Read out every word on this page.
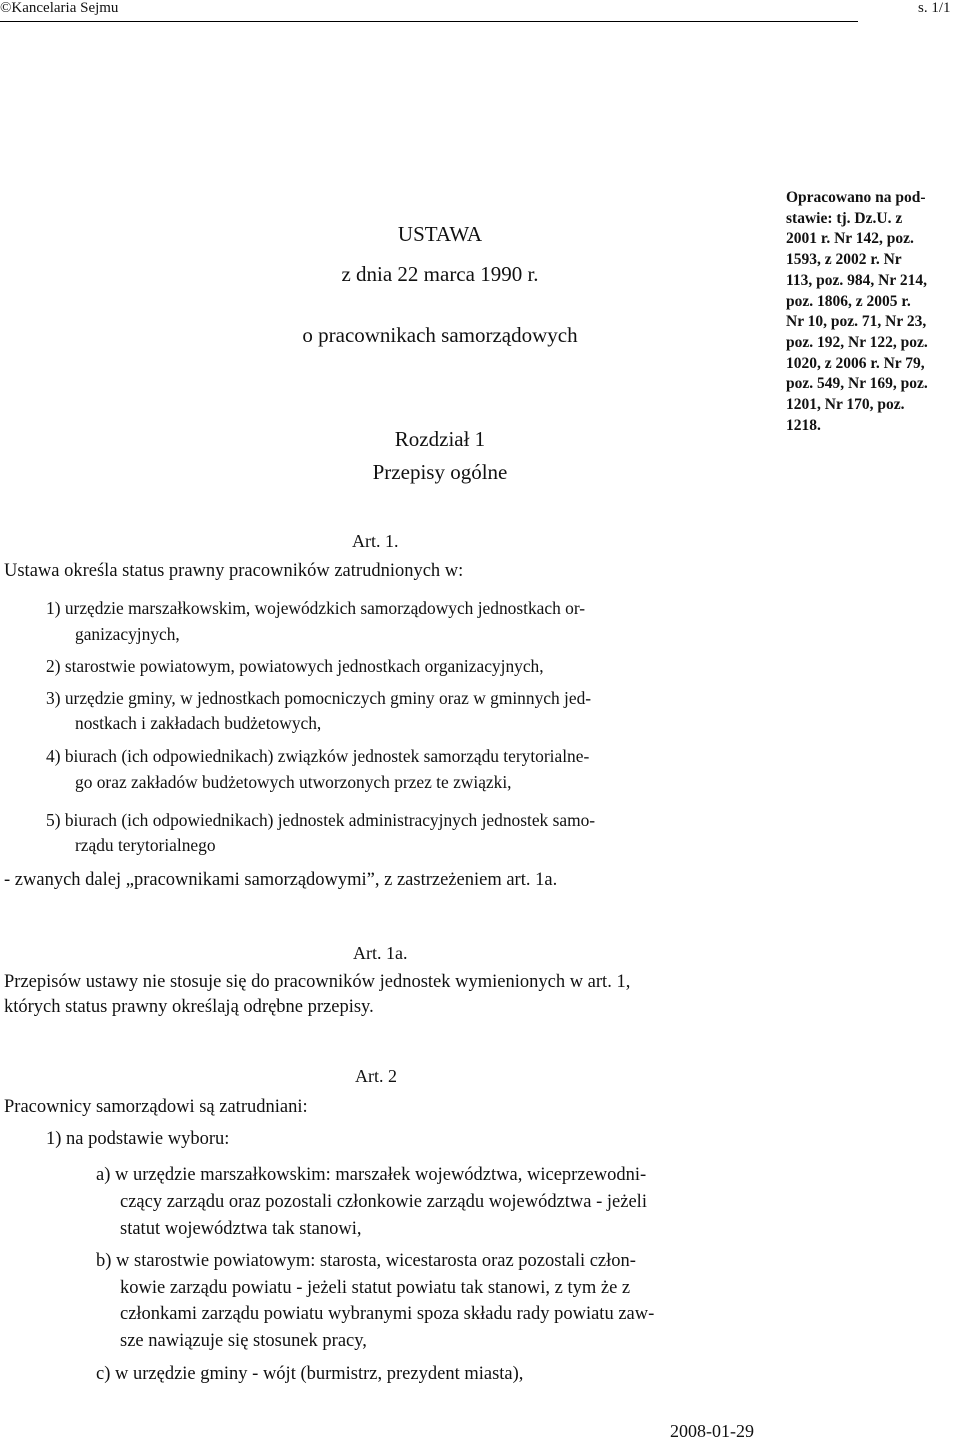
©Kancelaria Sejmu	s. 1/1
USTAWA
z dnia 22 marca 1990 r.
o pracownikach samorządowych
Rozdział 1
Przepisy ogólne
Opracowano na pod-
stawie: tj. Dz.U. z
2001 r. Nr 142, poz.
1593, z 2002 r. Nr
113, poz. 984, Nr 214,
poz. 1806, z 2005 r.
Nr 10, poz. 71, Nr 23,
poz. 192, Nr 122, poz.
1020, z 2006 r. Nr 79,
poz. 549, Nr 169, poz.
1201, Nr 170, poz.
1218.
Art. 1.
Ustawa określa status prawny pracowników zatrudnionych w:
1) urzędzie marszałkowskim, wojewódzkich samorządowych jednostkach or-
ganizacyjnych,
2) starostwie powiatowym, powiatowych jednostkach organizacyjnych,
3) urzędzie gminy, w jednostkach pomocniczych gminy oraz w gminnych jed-
nostkach i zakładach budżetowych,
4) biurach (ich odpowiednikach) związków jednostek samorządu terytorialne-
go oraz zakładów budżetowych utworzonych przez te związki,
5) biurach (ich odpowiednikach) jednostek administracyjnych jednostek samo-
rządu terytorialnego
- zwanych dalej „pracownikami samorządowymi”, z zastrzeżeniem art. 1a.
Art. 1a.
Przepisów ustawy nie stosuje się do pracowników jednostek wymienionych w art. 1,
których status prawny określają odrębne przepisy.
Art. 2
Pracownicy samorządowi są zatrudniani:
1) na podstawie wyboru:
a) w urzędzie marszałkowskim: marszałek województwa, wiceprzewodni-
czący zarządu oraz pozostali członkowie zarządu województwa - jeżeli
statut województwa tak stanowi,
b) w starostwie powiatowym: starosta, wicestarosta oraz pozostali człon-
kowie zarządu powiatu - jeżeli statut powiatu tak stanowi, z tym że z
członkami zarządu powiatu wybranymi spoza składu rady powiatu zaw-
sze nawiązuje się stosunek pracy,
c) w urzędzie gminy - wójt (burmistrz, prezydent miasta),
2008-01-29
